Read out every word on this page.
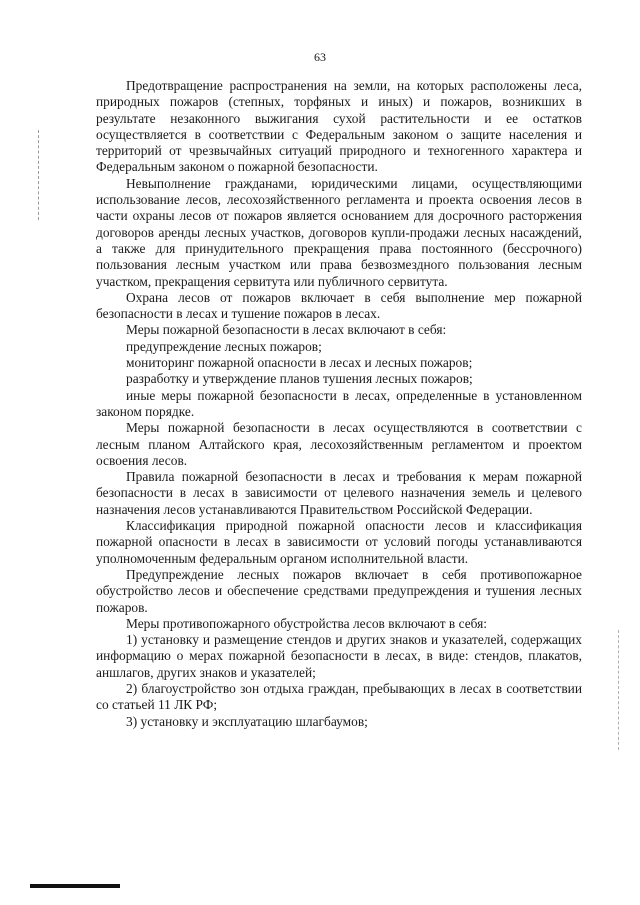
63

Предотвращение распространения на земли, на которых расположены леса, природных пожаров (степных, торфяных и иных) и пожаров, возникших в результате незаконного выжигания сухой растительности и ее остатков осуществляется в соответствии с Федеральным законом о защите населения и территорий от чрезвычайных ситуаций природного и техногенного характера и Федеральным законом о пожарной безопасности.

Невыполнение гражданами, юридическими лицами, осуществляющими использование лесов, лесохозяйственного регламента и проекта освоения лесов в части охраны лесов от пожаров является основанием для досрочного расторжения договоров аренды лесных участков, договоров купли-продажи лесных насаждений, а также для принудительного прекращения права постоянного (бессрочного) пользования лесным участком или права безвозмездного пользования лесным участком, прекращения сервитута или публичного сервитута.

Охрана лесов от пожаров включает в себя выполнение мер пожарной безопасности в лесах и тушение пожаров в лесах.

Меры пожарной безопасности в лесах включают в себя:

предупреждение лесных пожаров;

мониторинг пожарной опасности в лесах и лесных пожаров;

разработку и утверждение планов тушения лесных пожаров;

иные меры пожарной безопасности в лесах, определенные в установленном законом порядке.

Меры пожарной безопасности в лесах осуществляются в соответствии с лесным планом Алтайского края, лесохозяйственным регламентом и проектом освоения лесов.

Правила пожарной безопасности в лесах и требования к мерам пожарной безопасности в лесах в зависимости от целевого назначения земель и целевого назначения лесов устанавливаются Правительством Российской Федерации.

Классификация природной пожарной опасности лесов и классификация пожарной опасности в лесах в зависимости от условий погоды устанавливаются уполномоченным федеральным органом исполнительной власти.

Предупреждение лесных пожаров включает в себя противопожарное обустройство лесов и обеспечение средствами предупреждения и тушения лесных пожаров.

Меры противопожарного обустройства лесов включают в себя:

1) установку и размещение стендов и других знаков и указателей, содержащих информацию о мерах пожарной безопасности в лесах, в виде: стендов, плакатов, аншлагов, других знаков и указателей;

2) благоустройство зон отдыха граждан, пребывающих в лесах в соответствии со статьей 11 ЛК РФ;

3) установку и эксплуатацию шлагбаумов;
